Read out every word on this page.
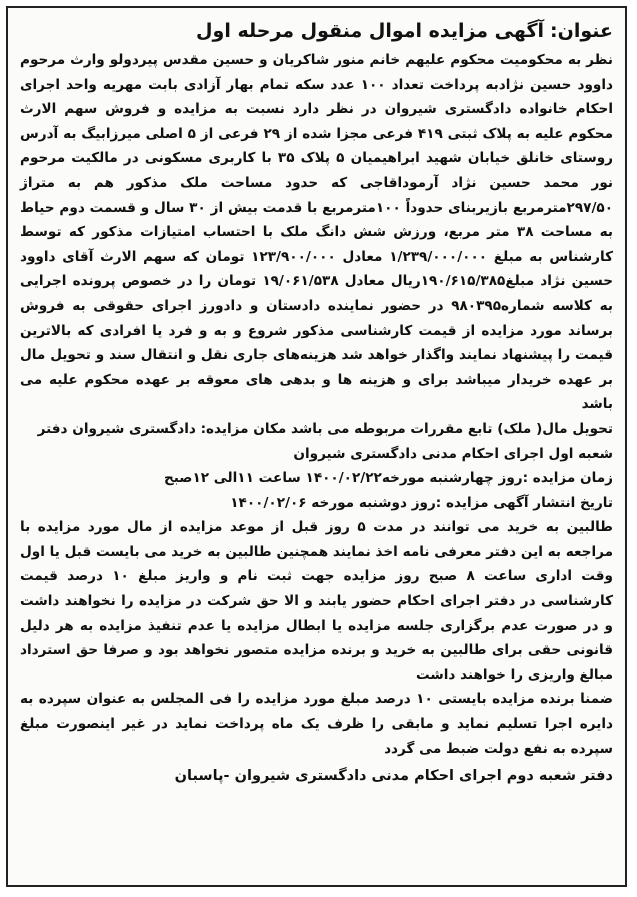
عنوان:آگهی مزایده اموال منقول مرحله اول

نظر به محکومیت محکوم علیهم خانم منور شاکریان و حسین مقدس پیردولو وارث مرحوم داوود حسین نژادبه پرداخت تعداد ۱۰۰ عدد سکه تمام بهار آزادی بابت مهریه واحد اجرای احکام خانواده دادگستری شیروان در نظر دارد نسبت به مزایده و فروش سهم الارث محکوم علیه به پلاک ثبتی ۴۱۹ فرعی مجزا شده از ۲۹ فرعی از ۵ اصلی میرزابیگ به آدرس روستای خانلق خیابان شهید ابراهیمیان ۵ پلاک ۳۵ با کاربری مسکونی در مالکیت مرحوم نور محمد حسین نژاد آرموداقاجی که حدود مساحت ملک مذکور هم به متراژ ۲۹۷/۵۰مترمربع بازیربنای حدوداً ۱۰۰مترمربع با قدمت بیش از ۳۰ سال و قسمت دوم حیاط به مساحت ۳۸ متر مربع، ورزش شش دانگ ملک با احتساب امتیازات مذکور که توسط کارشناس به مبلغ ۱/۲۳۹/۰۰۰/۰۰۰ معادل ۱۲۳/۹۰۰/۰۰۰ تومان که سهم الارث آقای داوود حسین نژاد مبلغ۱۹۰/۶۱۵/۳۸۵ریال معادل ۱۹/۰۶۱/۵۳۸ تومان را در خصوص پرونده اجرایی به کلاسه شماره۹۸۰۳۹۵ در حضور نماینده دادستان و دادورز اجرای حقوقی به فروش برساند مورد مزایده از قیمت کارشناسی مذکور شروع و به و فرد یا افرادی که بالاترین قیمت را پیشنهاد نمایند واگذار خواهد شد هزینه‌های جاری نقل و انتقال سند و تحویل مال بر عهده خریدار میباشد برای و هزینه ها و بدهی های معوقه بر عهده محکوم علیه می باشد

تحویل مال( ملک) تابع مقررات مربوطه می باشد مکان مزایده: دادگستری شیروان دفتر

شعبه اول اجرای احکام مدنی دادگستری شیروان

زمان مزایده :روز چهارشنبه مورخه۱۴۰۰/۰۲/۲۲ ساعت ۱۱الی ۱۲صبح

تاریخ انتشار آگهی مزایده :روز دوشنبه مورخه ۱۴۰۰/۰۲/۰۶

طالبین به خرید می توانند در مدت ۵ روز قبل از موعد مزایده از مال مورد مزایده با مراجعه به این دفتر معرفی نامه اخذ نمایند همچنین طالبین به خرید می بایست قبل یا اول وقت اداری ساعت ۸ صبح روز مزایده جهت ثبت نام و واریز مبلغ ۱۰ درصد قیمت کارشناسی در دفتر اجرای احکام حضور یابند و الا حق شرکت در مزایده را نخواهند داشت و در صورت عدم برگزاری جلسه مزایده یا ابطال مزایده یا عدم تنفیذ مزایده به هر دلیل قانونی حقی برای طالبین به خرید و برنده مزایده متصور نخواهد بود و صرفا حق استرداد مبالغ واریزی را خواهند داشت

ضمنا برنده مزایده بایستی ۱۰ درصد مبلغ مورد مزایده را فی المجلس به عنوان سپرده به دایره اجرا تسلیم نماید و مابقی را ظرف یک ماه پرداخت نماید در غیر اینصورت مبلغ سپرده به نفع دولت ضبط می گردد

دفتر شعبه دوم اجرای احکام مدنی دادگستری شیروان -پاسبان
